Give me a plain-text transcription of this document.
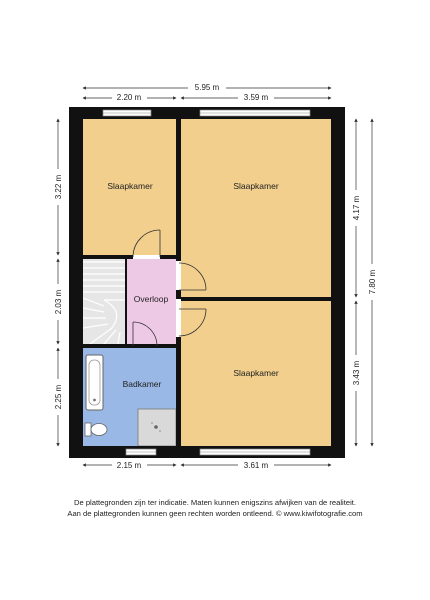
Slaapkamer	Slaapkamer
Overloop
Badkamer
Slaapkamer
5.95 m
2.20 m	3.59 m
2.15 m	3.61 m
3.22 m
2.03 m
2.25 m
4.17 m
3.43 m
7.80 m
De plattegronden zijn ter indicatie. Maten kunnen enigszins afwijken van de realiteit.
Aan de plattegronden kunnen geen rechten worden ontleend. © www.kiwifotografie.com
